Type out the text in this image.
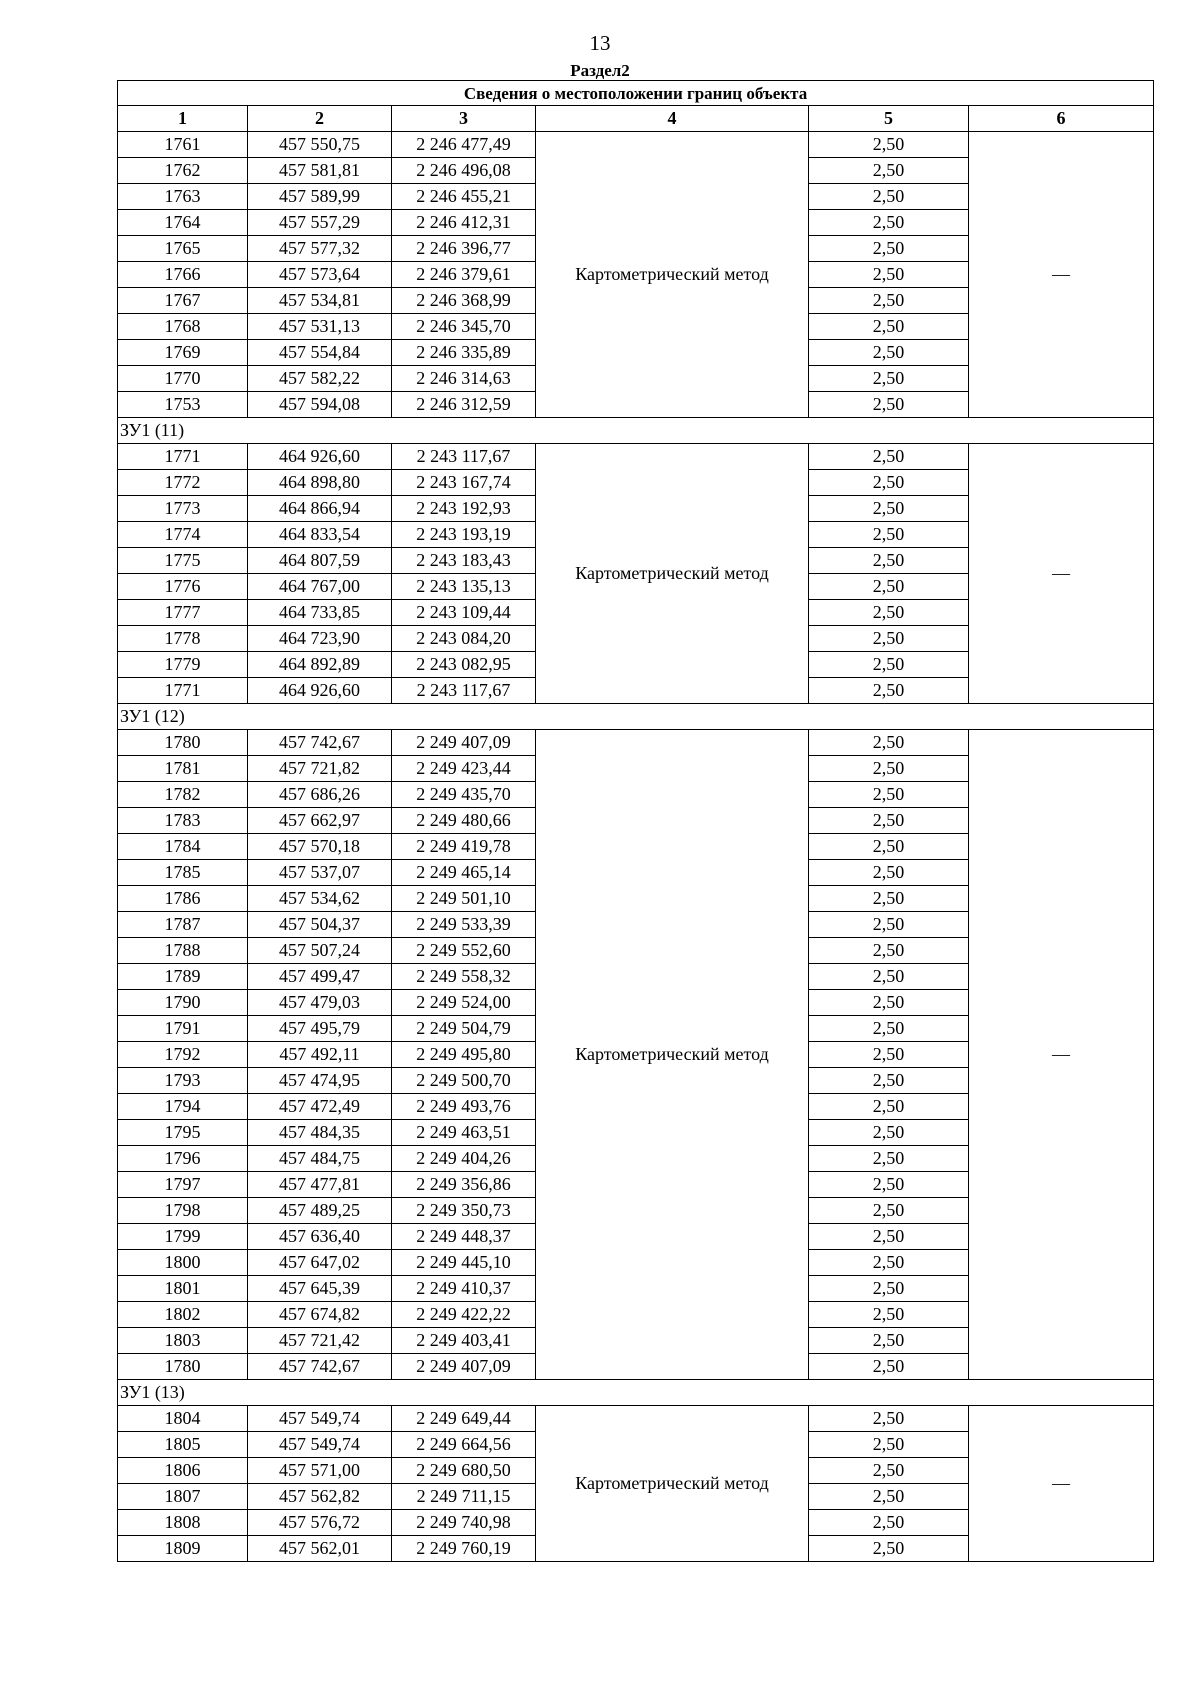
13
Раздел2
Сведения о местоположении границ объекта					
1	2	3	4	5	6
1761	457 550,75	2 246 477,49	Картометрический метод	2,50	—
1762	457 581,81	2 246 496,08		2,50	
1763	457 589,99	2 246 455,21		2,50	
1764	457 557,29	2 246 412,31		2,50	
1765	457 577,32	2 246 396,77		2,50	
1766	457 573,64	2 246 379,61		2,50	
1767	457 534,81	2 246 368,99		2,50	
1768	457 531,13	2 246 345,70		2,50	
1769	457 554,84	2 246 335,89		2,50	
1770	457 582,22	2 246 314,63		2,50	
1753	457 594,08	2 246 312,59		2,50	
ЗУ1 (11)					
1771	464 926,60	2 243 117,67	Картометрический метод	2,50	—
1772	464 898,80	2 243 167,74		2,50	
1773	464 866,94	2 243 192,93		2,50	
1774	464 833,54	2 243 193,19		2,50	
1775	464 807,59	2 243 183,43		2,50	
1776	464 767,00	2 243 135,13		2,50	
1777	464 733,85	2 243 109,44		2,50	
1778	464 723,90	2 243 084,20		2,50	
1779	464 892,89	2 243 082,95		2,50	
1771	464 926,60	2 243 117,67		2,50	
ЗУ1 (12)					
1780	457 742,67	2 249 407,09	Картометрический метод	2,50	—
1781	457 721,82	2 249 423,44		2,50	
1782	457 686,26	2 249 435,70		2,50	
1783	457 662,97	2 249 480,66		2,50	
1784	457 570,18	2 249 419,78		2,50	
1785	457 537,07	2 249 465,14		2,50	
1786	457 534,62	2 249 501,10		2,50	
1787	457 504,37	2 249 533,39		2,50	
1788	457 507,24	2 249 552,60		2,50	
1789	457 499,47	2 249 558,32		2,50	
1790	457 479,03	2 249 524,00		2,50	
1791	457 495,79	2 249 504,79		2,50	
1792	457 492,11	2 249 495,80		2,50	
1793	457 474,95	2 249 500,70		2,50	
1794	457 472,49	2 249 493,76		2,50	
1795	457 484,35	2 249 463,51		2,50	
1796	457 484,75	2 249 404,26		2,50	
1797	457 477,81	2 249 356,86		2,50	
1798	457 489,25	2 249 350,73		2,50	
1799	457 636,40	2 249 448,37		2,50	
1800	457 647,02	2 249 445,10		2,50	
1801	457 645,39	2 249 410,37		2,50	
1802	457 674,82	2 249 422,22		2,50	
1803	457 721,42	2 249 403,41		2,50	
1780	457 742,67	2 249 407,09		2,50	
ЗУ1 (13)					
1804	457 549,74	2 249 649,44	Картометрический метод	2,50	—
1805	457 549,74	2 249 664,56		2,50	
1806	457 571,00	2 249 680,50		2,50	
1807	457 562,82	2 249 711,15		2,50	
1808	457 576,72	2 249 740,98		2,50	
1809	457 562,01	2 249 760,19		2,50	
